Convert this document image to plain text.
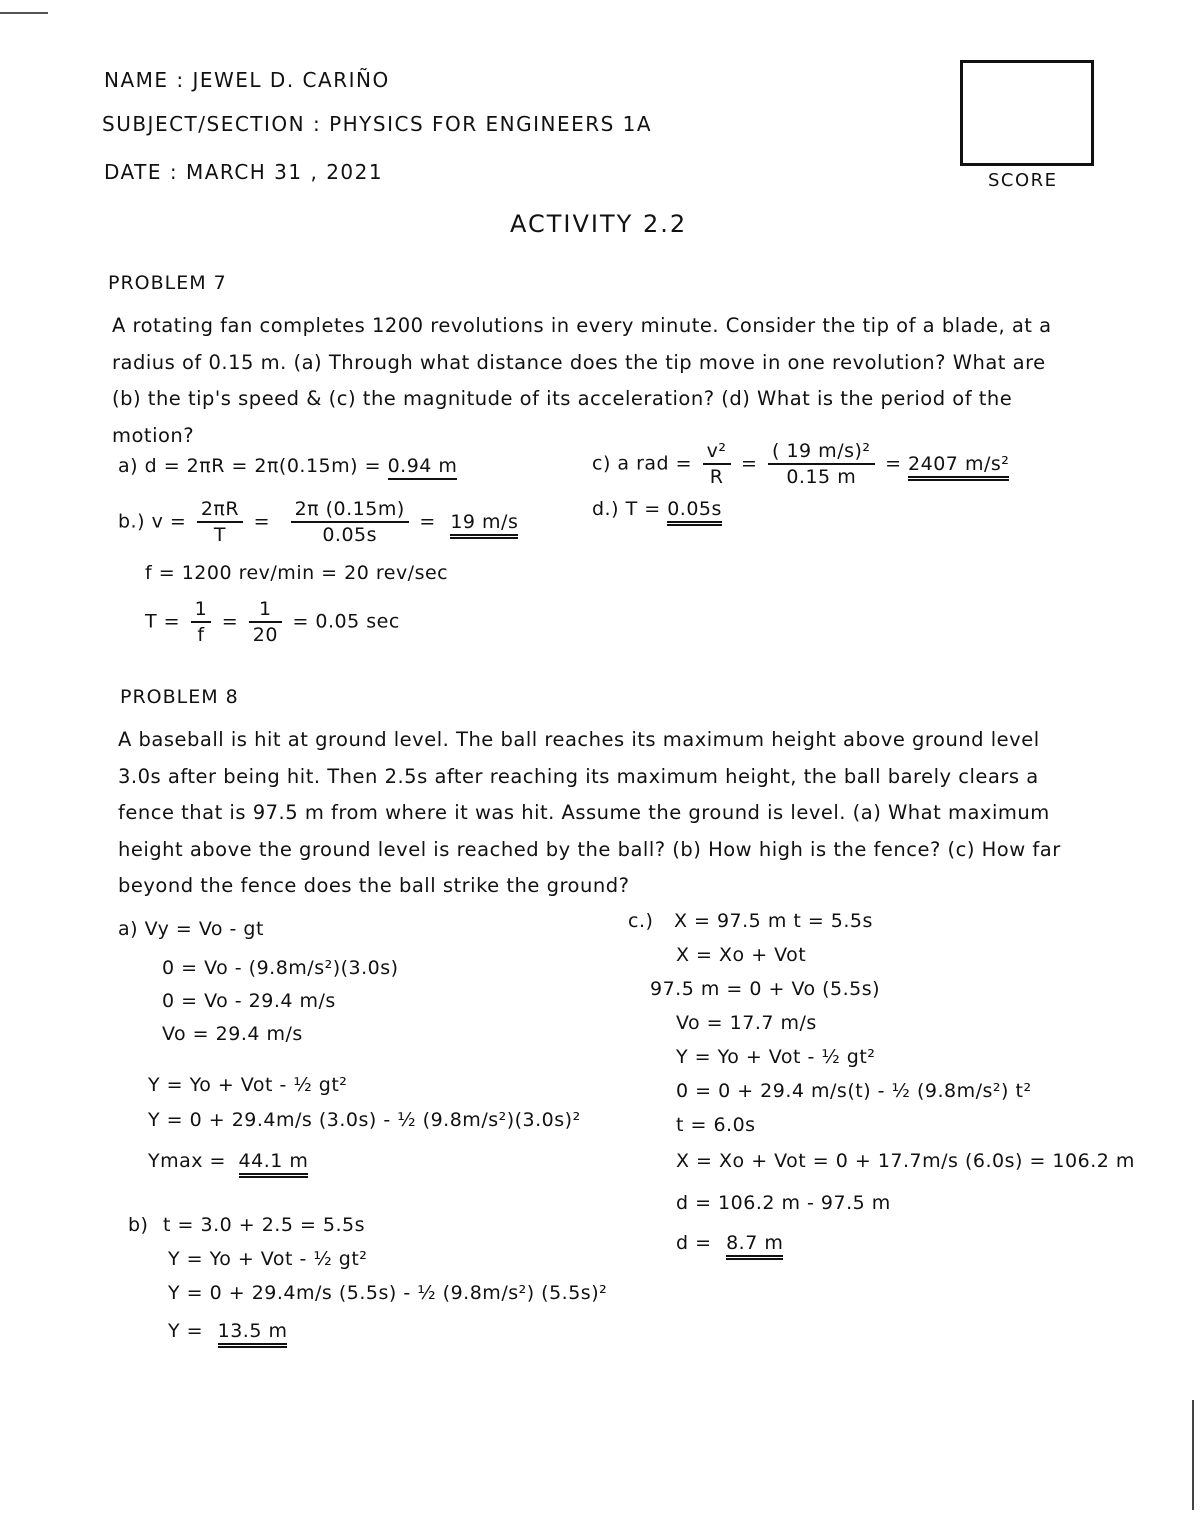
NAME : JEWEL D. CARIÑO
SUBJECT/SECTION : PHYSICS FOR ENGINEERS 1A
DATE : MARCH 31 , 2021	SCORE
ACTIVITY 2.2
PROBLEM 7
A rotating fan completes 1200 revolutions in every minute. Consider the tip of a blade, at a radius of 0.15 m. (a) Through what distance does the tip move in one revolution? What are (b) the tip's speed & (c) the magnitude of its acceleration? (d) What is the period of the motion?
a) d = 2πR = 2π(0.15m) = 0.94 m
b.) $v = \frac{2\pi R}{T} = \frac{2\pi (0.15m)}{0.05s} = 19$ m/s
f = 1200 rev/min = 20 rev/sec
$T = \frac{1}{f} = \frac{1}{20} = 0.05$ sec
c) a rad = $\frac{\text{v²}}{R} = \frac{\text{( 19 m/s)²}}{0.15 m} = 2407$ m/s²
d.) T = 0.05s
PROBLEM 8
A baseball is hit at ground level. The ball reaches its maximum height above ground level 3.0s after being hit. Then 2.5s after reaching its maximum height, the ball barely clears a fence that is 97.5 m from where it was hit. Assume the ground is level. (a) What maximum height above the ground level is reached by the ball? (b) How high is the fence? (c) How far beyond the fence does the ball strike the ground?
a) Vy = Vo - gt
0 = Vo - (9.8m/s²)(3.0s)
0 = Vo - 29.4 m/s
Vo = 29.4 m/s
Y = Yo + Vot - ½ gt²
Y = 0 + 29.4m/s (3.0s) - ½ (9.8m/s²)(3.0s)²
Ymax = 44.1 m
b) t = 3.0 + 2.5 = 5.5s
Y = Yo + Vot - ½ gt²
Y = 0 + 29.4m/s (5.5s) - ½ (9.8m/s²) (5.5s)²
Y = 13.5 m
c.) X = 97.5 m t = 5.5s
X = Xo + Vot
97.5 m = 0 + Vo (5.5s)
Vo = 17.7 m/s
Y = Yo + Vot - ½ gt²
0 = 0 + 29.4 m/s(t) - ½ (9.8m/s²) t²
t = 6.0s
X = Xo + Vot = 0 + 17.7m/s (6.0s) = 106.2 m
d = 106.2 m - 97.5 m
d = 8.7 m
